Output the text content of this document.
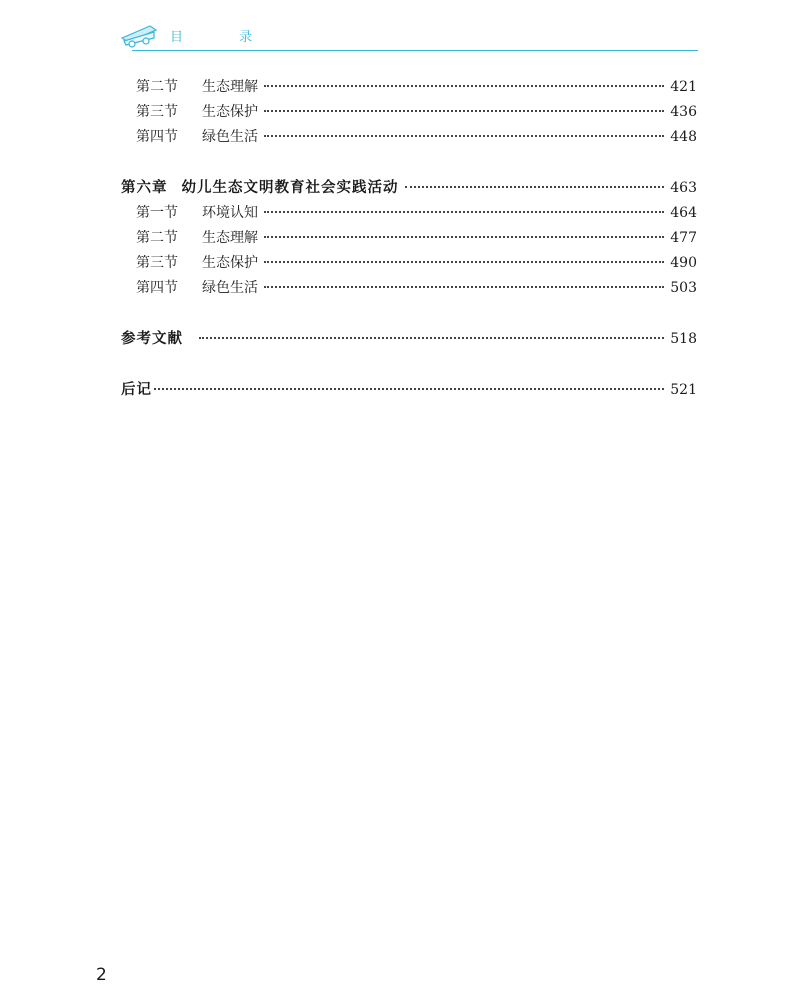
目 录
第二节 生态理解	421
第三节 生态保护	436
第四节 绿色生活	448
第六章 幼儿生态文明教育社会实践活动	463
第一节 环境认知	464
第二节 生态理解	477
第三节 生态保护	490
第四节 绿色生活	503
参考文献	518
后记	521
2
